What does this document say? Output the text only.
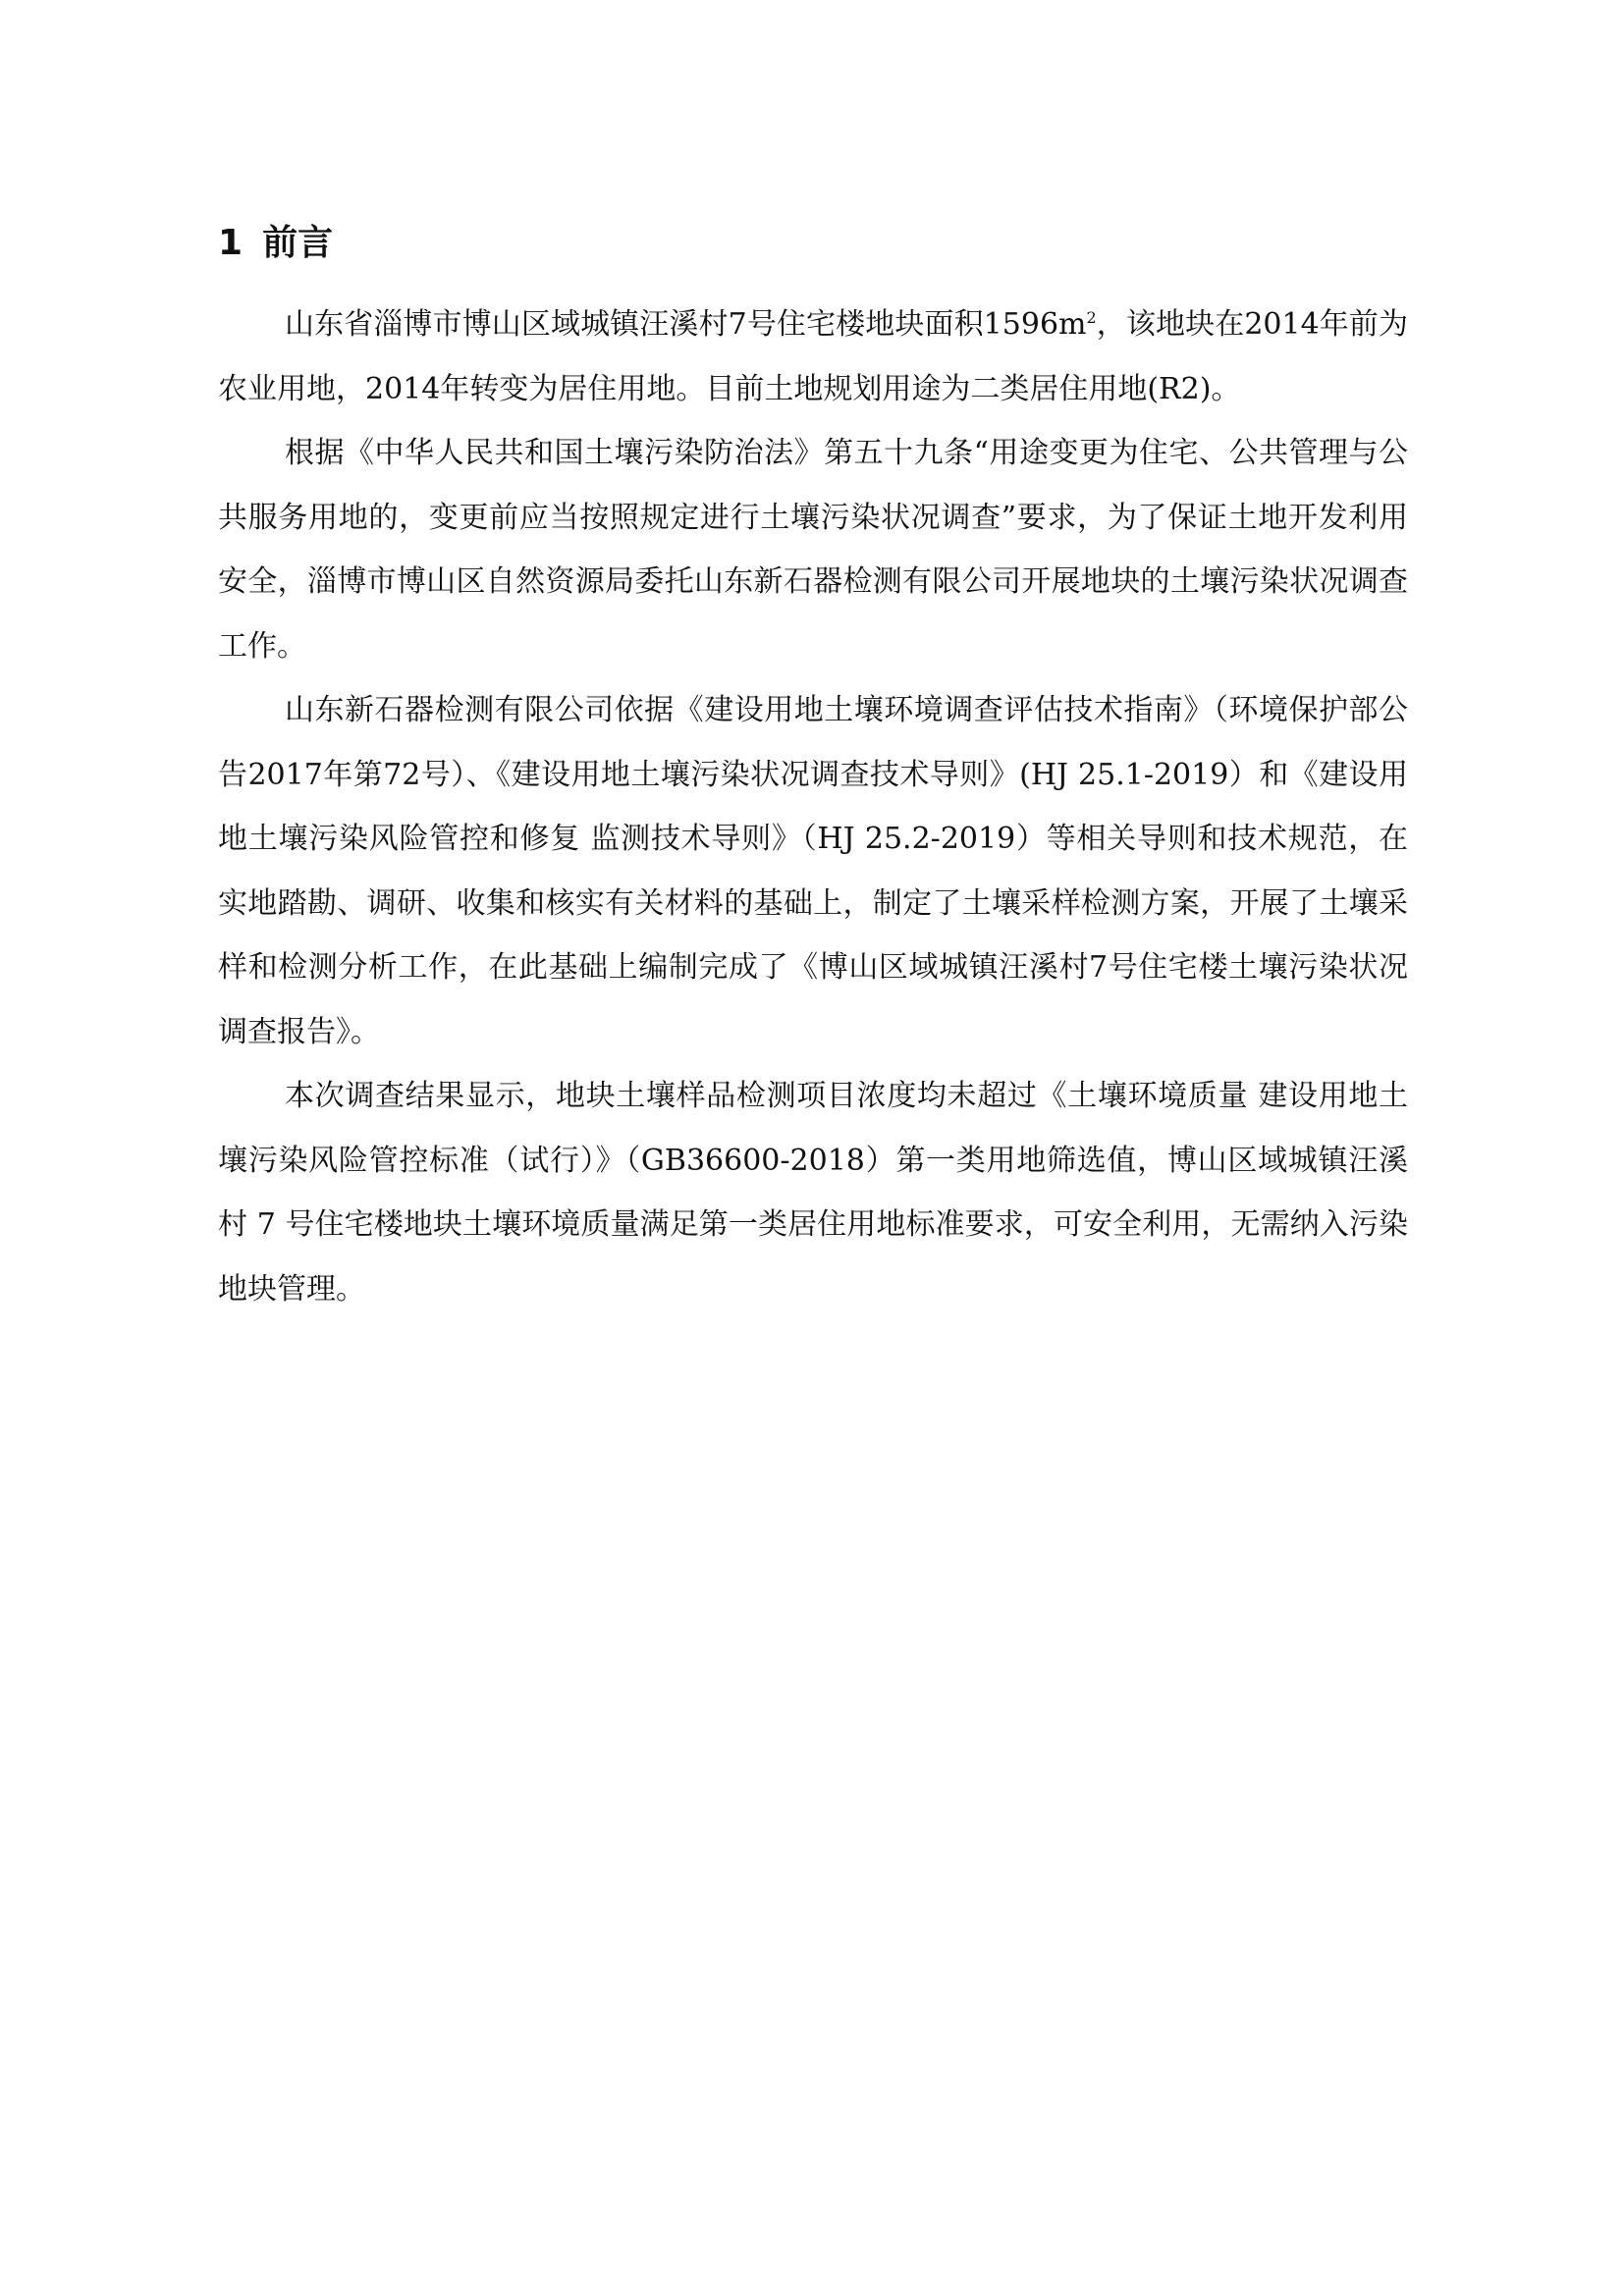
1 前言

山东省淄博市博山区域城镇汪溪村7号住宅楼地块面积$1596m^2$，该地块在2014年前为农业用地，2014年转变为居住用地。目前土地规划用途为二类居住用地(R2)。

根据《中华人民共和国土壤污染防治法》第五十九条“用途变更为住宅、公共管理与公共服务用地的，变更前应当按照规定进行土壤污染状况调查”要求，为了保证土地开发利用安全，淄博市博山区自然资源局委托山东新石器检测有限公司开展地块的土壤污染状况调查工作。

山东新石器检测有限公司依据《建设用地土壤环境调查评估技术指南》（环境保护部公告2017年第72号）、《建设用地土壤污染状况调查技术导则》(HJ 25.1-2019）和《建设用地土壤污染风险管控和修复 监测技术导则》（HJ 25.2-2019）等相关导则和技术规范，在实地踏勘、调研、收集和核实有关材料的基础上，制定了土壤采样检测方案，开展了土壤采样和检测分析工作，在此基础上编制完成了《博山区域城镇汪溪村7号住宅楼土壤污染状况调查报告》。

本次调查结果显示，地块土壤样品检测项目浓度均未超过《土壤环境质量 建设用地土壤污染风险管控标准（试行）》（GB36600-2018）第一类用地筛选值，博山区域城镇汪溪村 7 号住宅楼地块土壤环境质量满足第一类居住用地标准要求，可安全利用，无需纳入污染地块管理。
